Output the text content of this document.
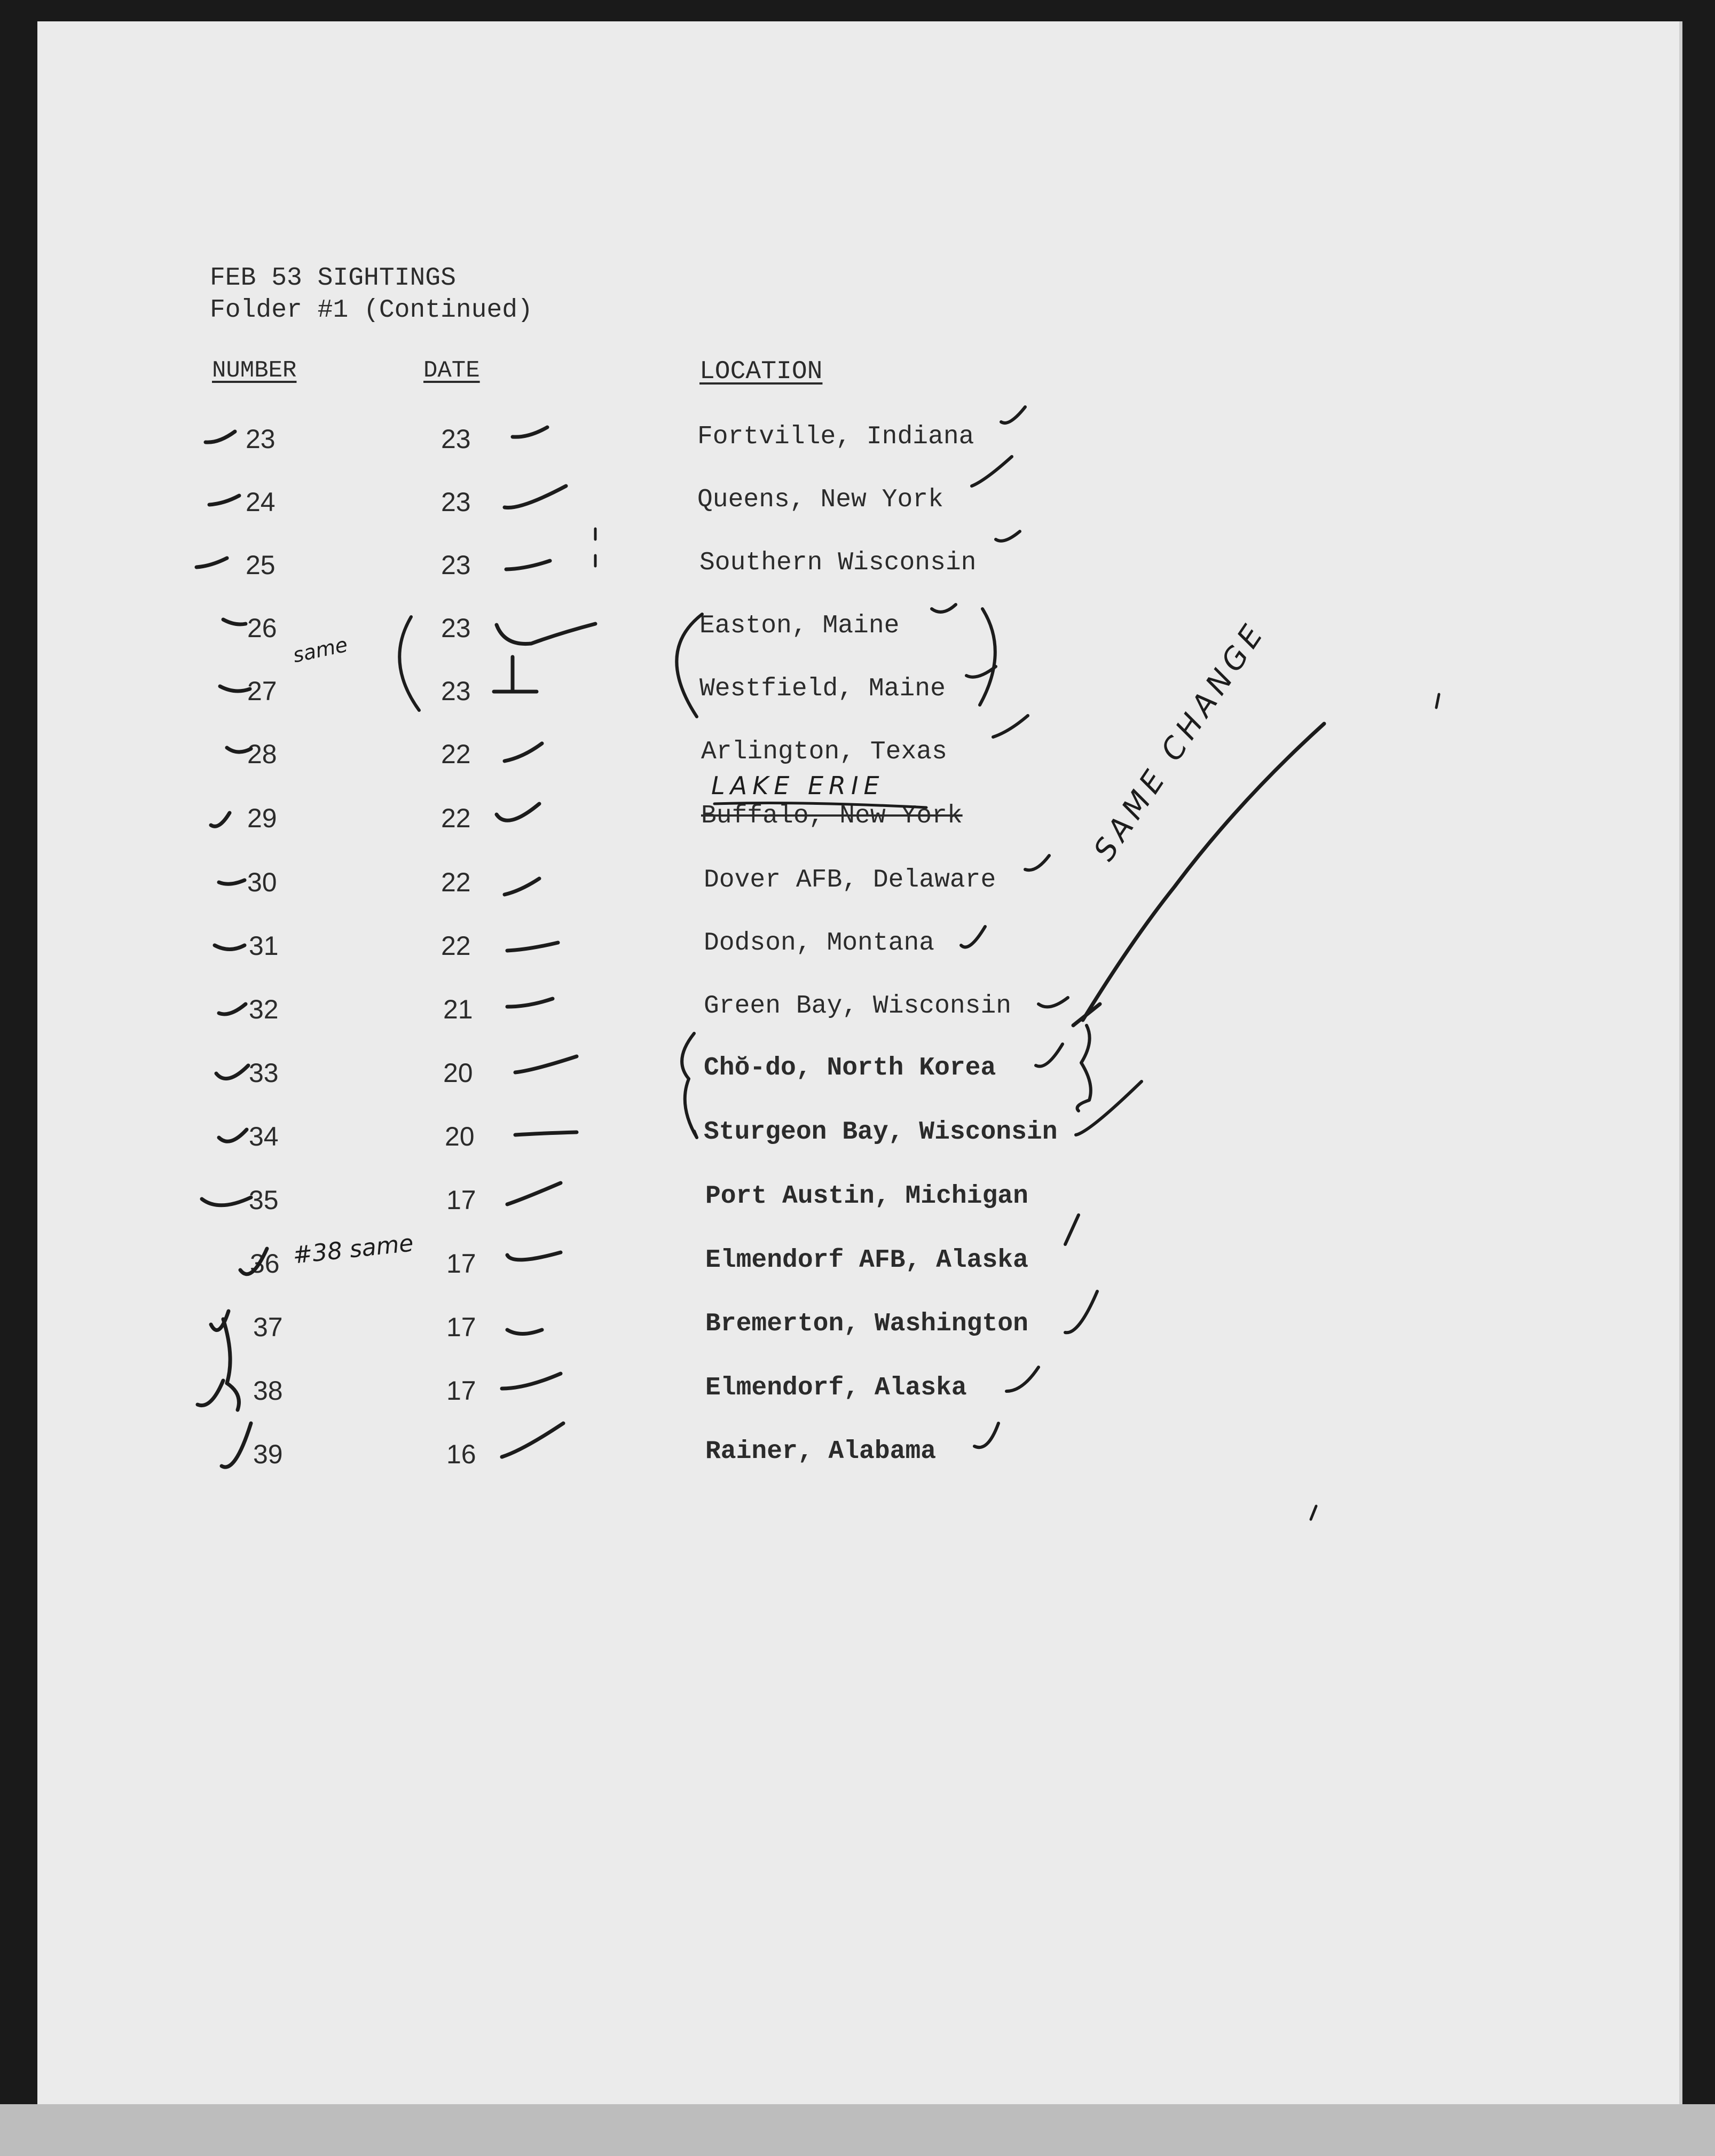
FEB 53 SIGHTINGS
Folder #1 (Continued)
NUMBER	DATE	LOCATION
23	23	Fortville, Indiana
24	23	Queens, New York
25	23	Southern Wisconsin
26	23	Easton, Maine
27	23	Westfield, Maine
28	22	Arlington, Texas
29	22	Buffalo, New York
30	22	Dover AFB, Delaware
31	22	Dodson, Montana
32	21	Green Bay, Wisconsin
33	20	Chŏ-do, North Korea
34	20	Sturgeon Bay, Wisconsin
35	17	Port Austin, Michigan
36	17	Elmendorf AFB, Alaska
37	17	Bremerton, Washington
38	17	Elmendorf, Alaska
39	16	Rainer, Alabama
same
#38 same
LAKE ERIE	SAME CHANGE
